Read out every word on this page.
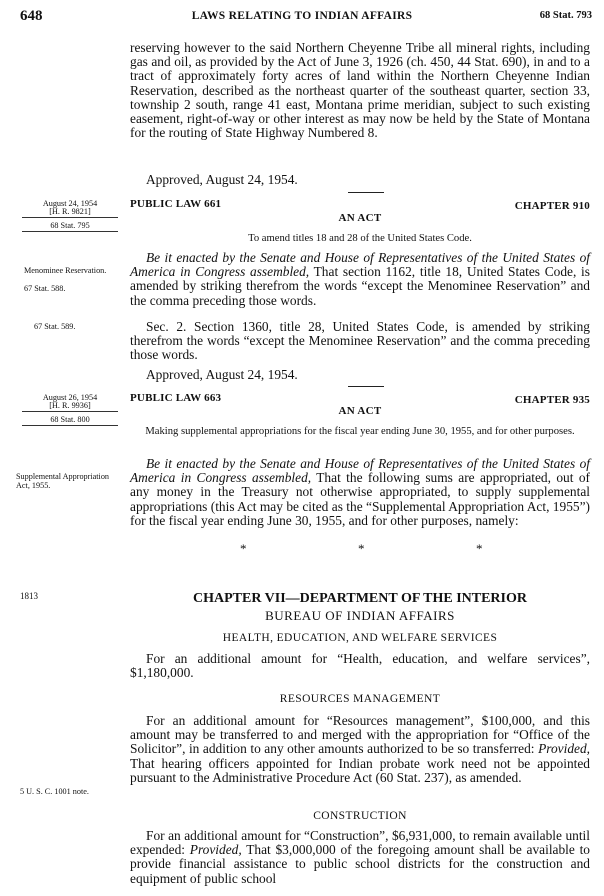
648	LAWS RELATING TO INDIAN AFFAIRS	68 Stat. 793
reserving however to the said Northern Cheyenne Tribe all mineral rights, including gas and oil, as provided by the Act of June 3, 1926 (ch. 450, 44 Stat. 690), in and to a tract of approximately forty acres of land within the Northern Cheyenne Indian Reservation, described as the northeast quarter of the southeast quarter, section 33, township 2 south, range 41 east, Montana prime meridian, subject to such existing easement, right-of-way or other interest as may now be held by the State of Montana for the routing of State Highway Numbered 8.
Approved, August 24, 1954.
August 24, 1954
[H. R. 9821]
68 Stat. 795
PUBLIC LAW 661	CHAPTER 910
AN ACT
To amend titles 18 and 28 of the United States Code.
Be it enacted by the Senate and House of Representatives of the United States of America in Congress assembled, That section 1162, title 18, United States Code, is amended by striking therefrom the words “except the Menominee Reservation” and the comma preceding those words.
Menominee Reservation.
67 Stat. 588.
Sec. 2. Section 1360, title 28, United States Code, is amended by striking therefrom the words “except the Menominee Reservation” and the comma preceding those words.
67 Stat. 589.
Approved, August 24, 1954.
August 26, 1954
[H. R. 9936]
68 Stat. 800
PUBLIC LAW 663	CHAPTER 935
AN ACT
Making supplemental appropriations for the fiscal year ending June 30, 1955, and for other purposes.
Be it enacted by the Senate and House of Representatives of the United States of America in Congress assembled, That the following sums are appropriated, out of any money in the Treasury not otherwise appropriated, to supply supplemental appropriations (this Act may be cited as the “Supplemental Appropriation Act, 1955”) for the fiscal year ending June 30, 1955, and for other purposes, namely:
Supplemental Appropriation Act, 1955.
*	*	*
1813	CHAPTER VII—DEPARTMENT OF THE INTERIOR
BUREAU OF INDIAN AFFAIRS
HEALTH, EDUCATION, AND WELFARE SERVICES
For an additional amount for “Health, education, and welfare services”, $1,180,000.
RESOURCES MANAGEMENT
For an additional amount for “Resources management”, $100,000, and this amount may be transferred to and merged with the appropriation for “Office of the Solicitor”, in addition to any other amounts authorized to be so transferred: Provided, That hearing officers appointed for Indian probate work need not be appointed pursuant to the Administrative Procedure Act (60 Stat. 237), as amended.
5 U. S. C. 1001 note.
CONSTRUCTION
For an additional amount for “Construction”, $6,931,000, to remain available until expended: Provided, That $3,000,000 of the foregoing amount shall be available to provide financial assistance to public school districts for the construction and equipment of public school
